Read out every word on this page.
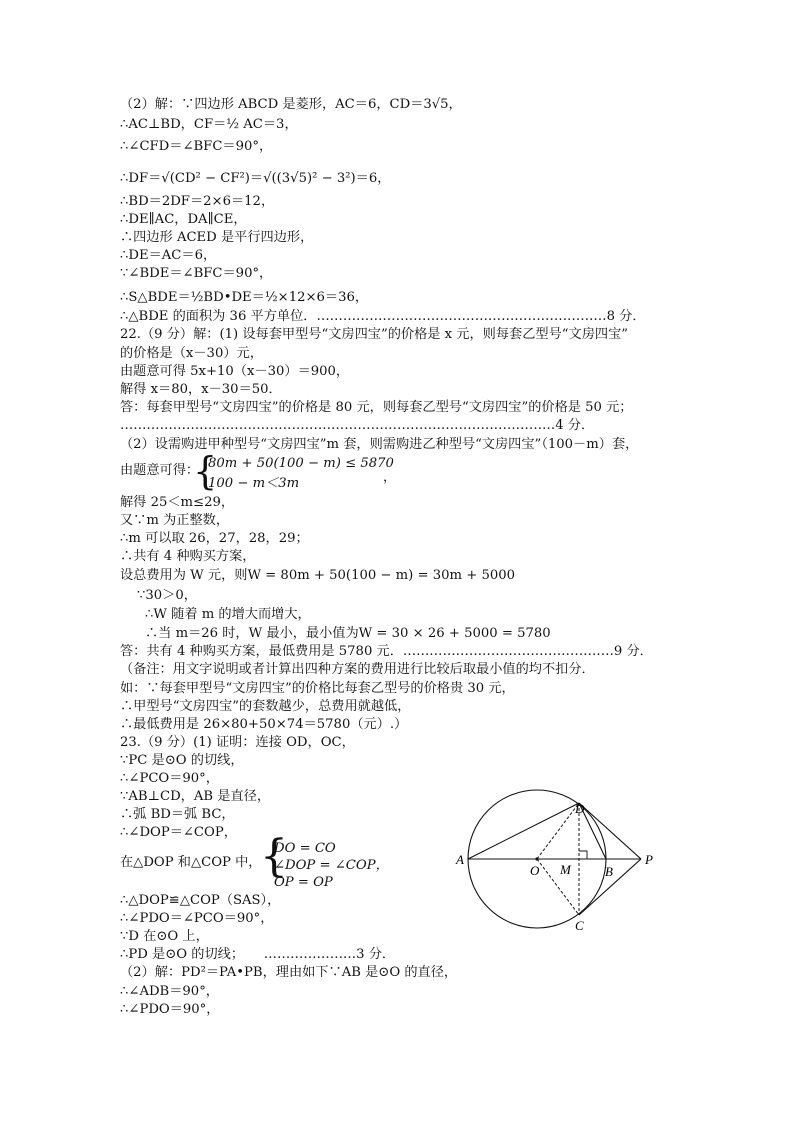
（2）解：∵四边形 ABCD 是菱形，AC＝6，CD＝3√5，
∴AC⊥BD，CF＝½ AC＝3，
∴∠CFD＝∠BFC＝90°，
∴DF＝√(CD² − CF²)＝√((3√5)² − 3²)＝6，
∴BD＝2DF＝2×6＝12，
∴DE∥AC，DA∥CE，
∴四边形 ACED 是平行四边形，
∴DE＝AC＝6，
∵∠BDE＝∠BFC＝90°，
∴S△BDE＝½BD•DE＝½×12×6＝36，
∴△BDE 的面积为 36 平方单位．…………………………………………………………8 分．
22.（9 分）解：(1) 设每套甲型号“文房四宝”的价格是 x 元，则每套乙型号“文房四宝”
的价格是（x－30）元，
由题意可得 5x+10（x－30）＝900，
解得 x＝80，x－30＝50．
答：每套甲型号“文房四宝”的价格是 80 元，则每套乙型号“文房四宝”的价格是 50 元；
………………………………………………………………………………………4 分．
（2）设需购进甲种型号“文房四宝”m 套，则需购进乙种型号“文房四宝”（100－m）套，
由题意可得：
{
80m + 50(100 − m) ≤ 5870
100 − m＜3m	，
解得 25＜m≤29，
又∵m 为正整数，
∴m 可以取 26，27，28，29；
∴共有 4 种购买方案，
设总费用为 W 元，则W = 80m + 50(100 − m) = 30m + 5000
∵30＞0，
∴W 随着 m 的增大而增大，
∴当 m＝26 时，W 最小，最小值为W = 30 × 26 + 5000 = 5780
答：共有 4 种购买方案，最低费用是 5780 元．…………………………………………9 分．
（备注：用文字说明或者计算出四种方案的费用进行比较后取最小值的均不扣分．
如：∵每套甲型号“文房四宝”的价格比每套乙型号的价格贵 30 元，
∴甲型号“文房四宝”的套数越少，总费用就越低，
∴最低费用是 26×80+50×74＝5780（元）.）
23.（9 分）(1) 证明：连接 OD，OC，
∵PC 是⊙O 的切线，
∴∠PCO＝90°，
∵AB⊥CD，AB 是直径，
∴弧 BD＝弧 BC，
∴∠DOP＝∠COP，
在△DOP 和△COP 中，
{
DO = CO
∠DOP = ∠COP，
OP = OP
∴△DOP≌△COP（SAS），
∴∠PDO＝∠PCO＝90°，
∵D 在⊙O 上，
∴PD 是⊙O 的切线；　　…………………3 分．
（2）解：PD²＝PA•PB，理由如下∵AB 是⊙O 的直径，
∴∠ADB＝90°，
∴∠PDO＝90°，
A
O M	B
P
D
C
